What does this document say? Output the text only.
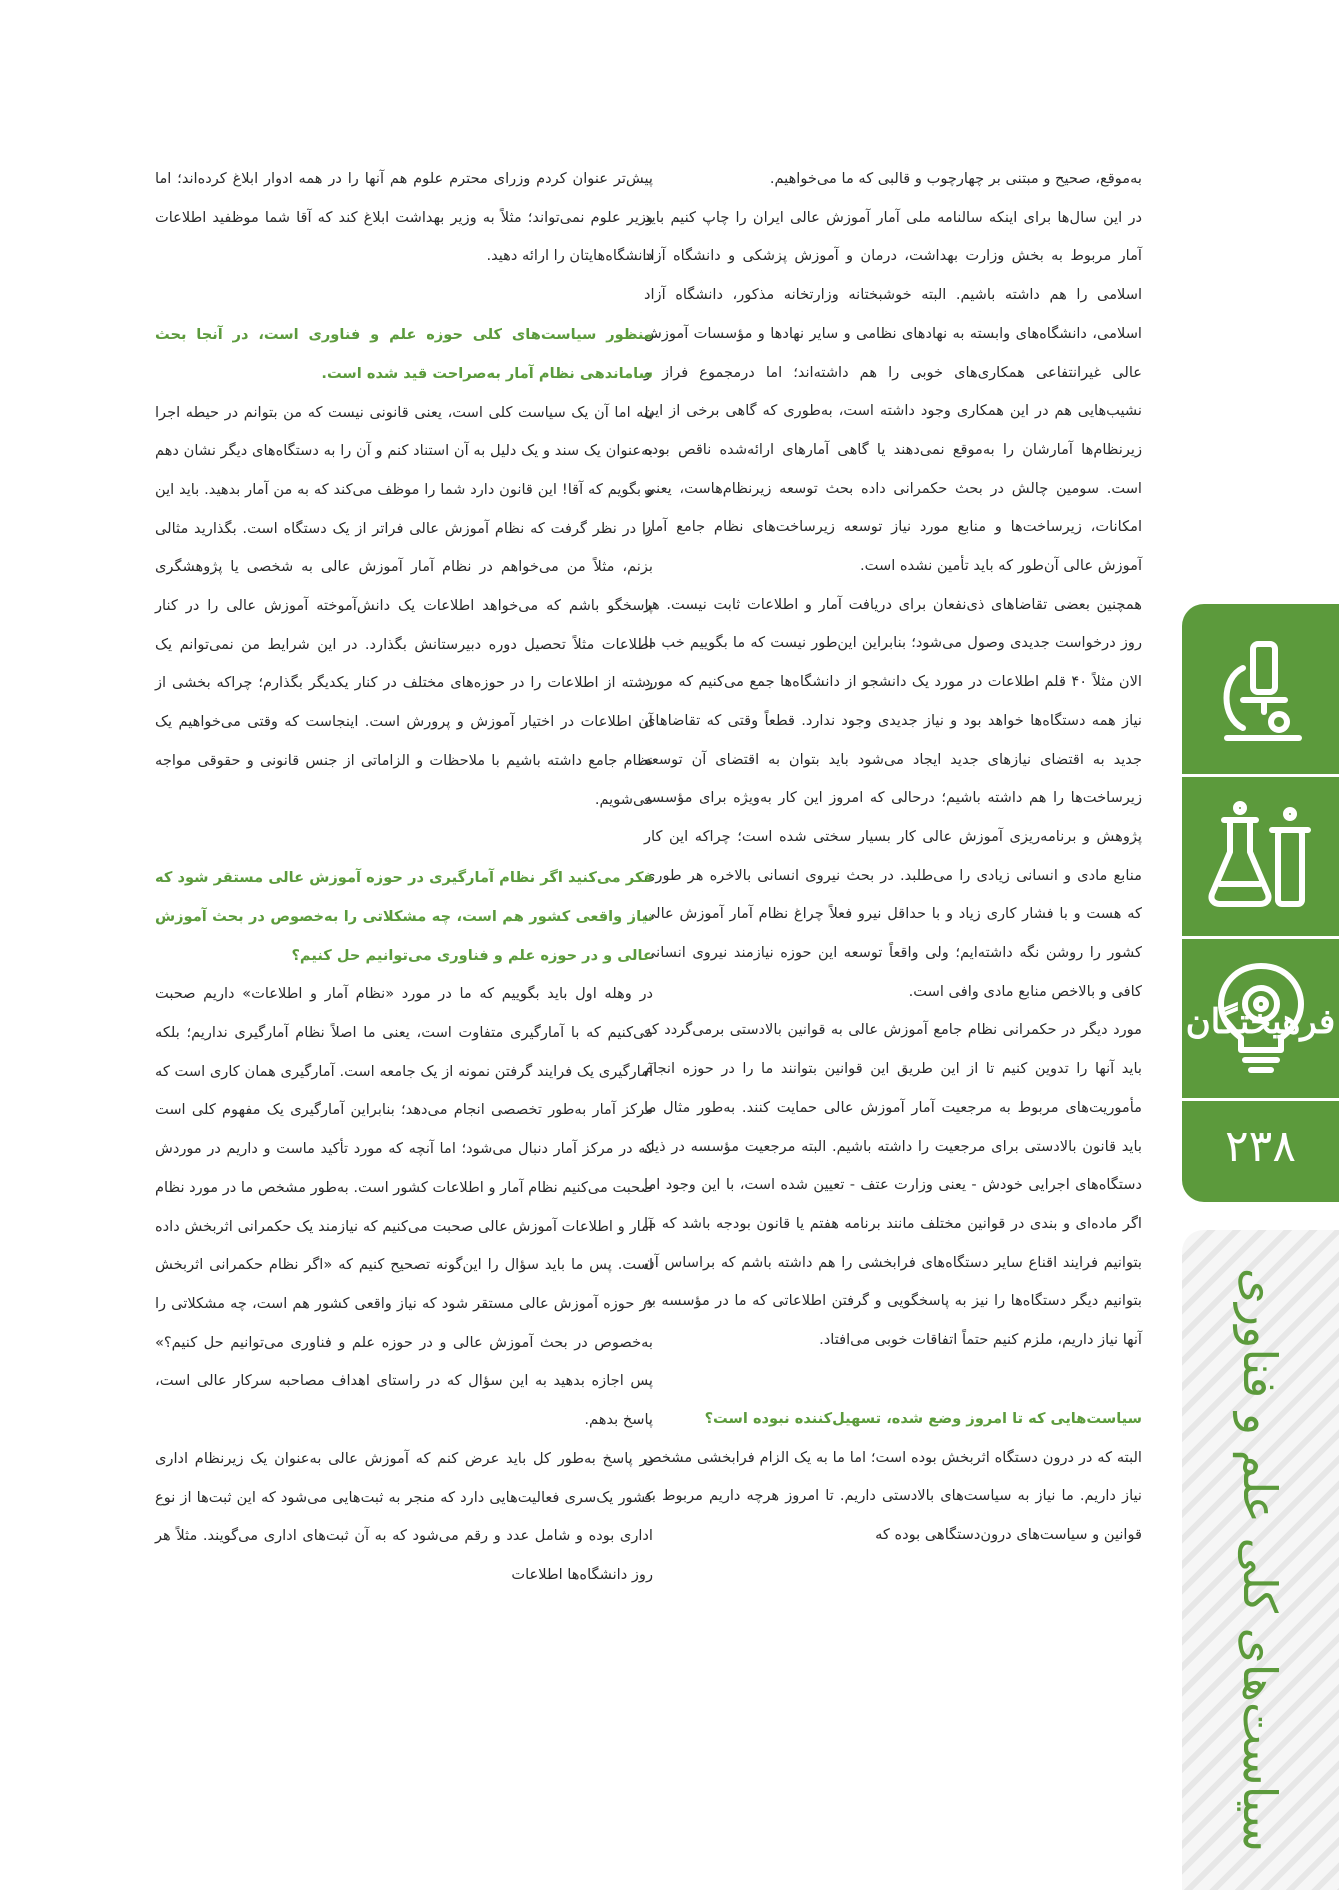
به‌موقع، صحیح و مبتنی بر چهارچوب و قالبی که ما می‌خواهیم.

در این سال‌ها برای اینکه سالنامه ملی آمار آموزش عالی ایران را چاپ کنیم باید آمار مربوط به بخش وزارت بهداشت، درمان و آموزش پزشکی و دانشگاه آزاد اسلامی را هم داشته باشیم. البته خوشبختانه وزارتخانه مذکور، دانشگاه آزاد اسلامی، دانشگاه‌های وابسته به نهادهای نظامی و سایر نهادها و مؤسسات آموزش عالی غیرانتفاعی همکاری‌های خوبی را هم داشته‌اند؛ اما درمجموع فراز و نشیب‌هایی هم در این همکاری وجود داشته است، به‌طوری که گاهی برخی از این زیرنظام‌ها آمارشان را به‌موقع نمی‌دهند یا گاهی آمارهای ارائه‌شده ناقص بوده است. سومین چالش در بحث حکمرانی داده بحث توسعه زیرنظام‌هاست، یعنی امکانات، زیرساخت‌ها و منابع مورد نیاز توسعه زیرساخت‌های نظام جامع آمار آموزش عالی آن‌طور که باید تأمین نشده است.

همچنین بعضی تقاضاهای ذی‌نفعان برای دریافت آمار و اطلاعات ثابت نیست. هر روز درخواست جدیدی وصول می‌شود؛ بنابراین این‌طور نیست که ما بگوییم خب ما الان مثلاً ۴۰ قلم اطلاعات در مورد یک دانشجو از دانشگاه‌ها جمع می‌کنیم که مورد نیاز همه دستگاه‌ها خواهد بود و نیاز جدیدی وجود ندارد. قطعاً وقتی که تقاضاهای جدید به اقتضای نیازهای جدید ایجاد می‌شود باید بتوان به اقتضای آن توسعه زیرساخت‌ها را هم داشته باشیم؛ درحالی که امروز این کار به‌ویژه برای مؤسسه پژوهش و برنامه‌ریزی آموزش عالی کار بسیار سختی شده است؛ چراکه این کار منابع مادی و انسانی زیادی را می‌طلبد. در بحث نیروی انسانی بالاخره هر طوری که هست و با فشار کاری زیاد و با حداقل نیرو فعلاً چراغ نظام آمار آموزش عالی کشور را روشن نگه داشته‌ایم؛ ولی واقعاً توسعه این حوزه نیازمند نیروی انسانی کافی و بالاخص منابع مادی وافی است.

مورد دیگر در حکمرانی نظام جامع آموزش عالی به قوانین بالادستی برمی‌گردد که باید آنها را تدوین کنیم تا از این طریق این قوانین بتوانند ما را در حوزه انجام مأموریت‌های مربوط به مرجعیت آمار آموزش عالی حمایت کنند. به‌طور مثال ما باید قانون بالادستی برای مرجعیت را داشته باشیم. البته مرجعیت مؤسسه در ذیل دستگاه‌های اجرایی خودش - یعنی وزارت عتف - تعیین شده است، با این وجود اما اگر ماده‌ای و بندی در قوانین مختلف مانند برنامه هفتم یا قانون بودجه باشد که ما بتوانیم فرایند اقناع سایر دستگاه‌های فرابخشی را هم داشته باشم که براساس آن بتوانیم دیگر دستگاه‌ها را نیز به پاسخگویی و گرفتن اطلاعاتی که ما در مؤسسه به آنها نیاز داریم، ملزم کنیم حتماً اتفاقات خوبی می‌افتاد.

سیاست‌هایی که تا امروز وضع شده، تسهیل‌کننده نبوده است؟

البته که در درون دستگاه اثربخش بوده است؛ اما ما به یک الزام فرابخشی مشخص نیاز داریم. ما نیاز به سیاست‌های بالادستی داریم. تا امروز هرچه داریم مربوط به قوانین و سیاست‌های درون‌دستگاهی بوده که

پیش‌تر عنوان کردم وزرای محترم علوم هم آنها را در همه ادوار ابلاغ کرده‌اند؛ اما وزیر علوم نمی‌تواند؛ مثلاً به وزیر بهداشت ابلاغ کند که آقا شما موظفید اطلاعات دانشگاه‌هایتان را ارائه دهید.

منظور سیاست‌های کلی حوزه علم و فناوری است، در آنجا بحث ساماندهی نظام آمار به‌صراحت قید شده است.

بله اما آن یک سیاست کلی است، یعنی قانونی نیست که من بتوانم در حیطه اجرا به‌عنوان یک سند و یک دلیل به آن استناد کنم و آن را به دستگاه‌های دیگر نشان دهم و بگویم که آقا! این قانون دارد شما را موظف می‌کند که به من آمار بدهید. باید این را در نظر گرفت که نظام آموزش عالی فراتر از یک دستگاه است. بگذارید مثالی بزنم، مثلاً من می‌خواهم در نظام آمار آموزش عالی به شخصی یا پژوهشگری پاسخگو باشم که می‌خواهد اطلاعات یک دانش‌آموخته آموزش عالی را در کنار اطلاعات مثلاً تحصیل دوره دبیرستانش بگذارد. در این شرایط من نمی‌توانم یک رشته از اطلاعات را در حوزه‌های مختلف در کنار یکدیگر بگذارم؛ چراکه بخشی از آن اطلاعات در اختیار آموزش و پرورش است. اینجاست که وقتی می‌خواهیم یک نظام جامع داشته باشیم با ملاحظات و الزاماتی از جنس قانونی و حقوقی مواجه می‌شویم.

فکر می‌کنید اگر نظام آمارگیری در حوزه آموزش عالی مستقر شود که نیاز واقعی کشور هم است، چه مشکلاتی را به‌خصوص در بحث آموزش عالی و در حوزه علم و فناوری می‌توانیم حل کنیم؟

در وهله اول باید بگوییم که ما در مورد «نظام آمار و اطلاعات» داریم صحبت می‌کنیم که با آمارگیری متفاوت است، یعنی ما اصلاً نظام آمارگیری نداریم؛ بلکه آمارگیری یک فرایند گرفتن نمونه از یک جامعه است. آمارگیری همان کاری است که مرکز آمار به‌طور تخصصی انجام می‌دهد؛ بنابراین آمارگیری یک مفهوم کلی است که در مرکز آمار دنبال می‌شود؛ اما آنچه که مورد تأکید ماست و داریم در موردش صحبت می‌کنیم نظام آمار و اطلاعات کشور است. به‌طور مشخص ما در مورد نظام آمار و اطلاعات آموزش عالی صحبت می‌کنیم که نیازمند یک حکمرانی اثربخش داده است. پس ما باید سؤال را این‌گونه تصحیح کنیم که «اگر نظام حکمرانی اثربخش در حوزه آموزش عالی مستقر شود که نیاز واقعی کشور هم است، چه مشکلاتی را به‌خصوص در بحث آموزش عالی و در حوزه علم و فناوری می‌توانیم حل کنیم؟» پس اجازه بدهید به این سؤال که در راستای اهداف مصاحبه سرکار عالی است، پاسخ بدهم.

در پاسخ به‌طور کل باید عرض کنم که آموزش عالی به‌عنوان یک زیرنظام اداری کشور یک‌سری فعالیت‌هایی دارد که منجر به ثبت‌هایی می‌شود که این ثبت‌ها از نوع اداری بوده و شامل عدد و رقم می‌شود که به آن ثبت‌های اداری می‌گویند. مثلاً هر روز دانشگاه‌ها اطلاعات

فرهیختگان
۲۳۸
سیاست‌های کلی علم و فناوری
